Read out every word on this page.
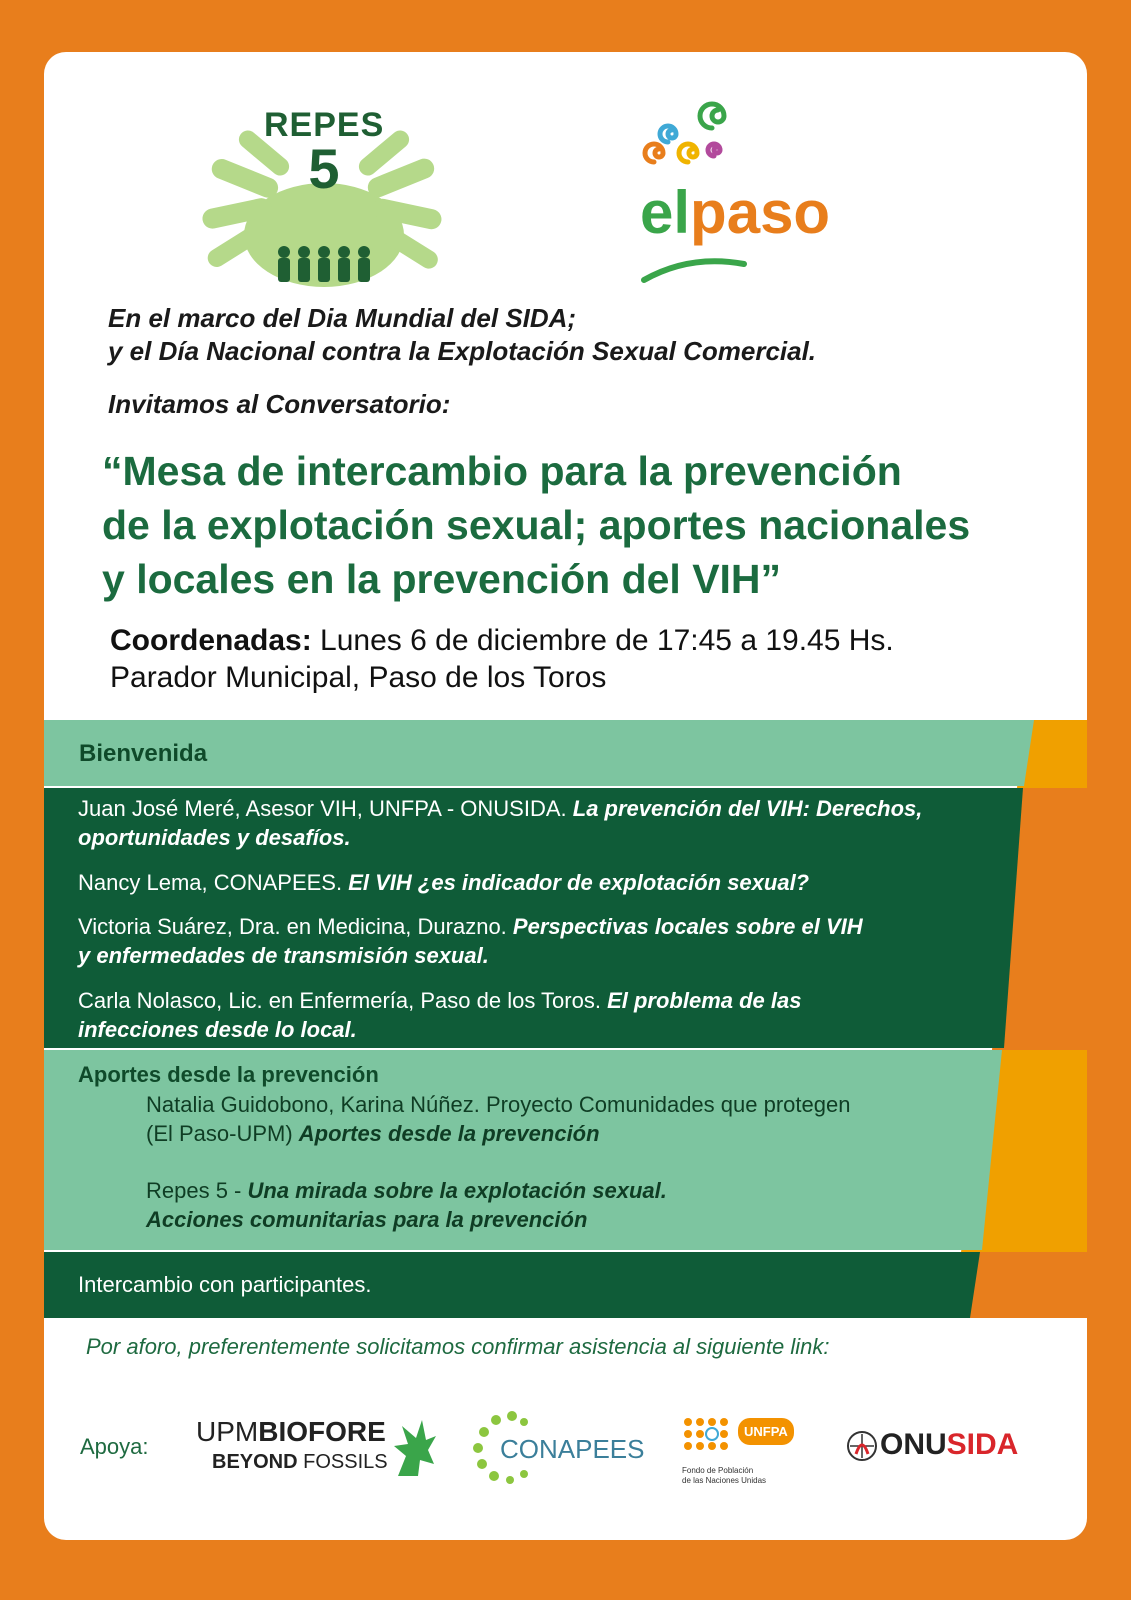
REPES
5
elpaso
En el marco del Dia Mundial del SIDA;
y el Día Nacional contra la Explotación Sexual Comercial.
Invitamos al Conversatorio:
“Mesa de intercambio para la prevención
de la explotación sexual; aportes nacionales
y locales en la prevención del VIH”
Coordenadas: Lunes 6 de diciembre de 17:45 a 19.45 Hs.
Parador Municipal, Paso de los Toros
Bienvenida
Juan José Meré, Asesor VIH, UNFPA - ONUSIDA. La prevención del VIH: Derechos,
oportunidades y desafíos.
Nancy Lema, CONAPEES. El VIH ¿es indicador de explotación sexual?
Victoria Suárez, Dra. en Medicina, Durazno. Perspectivas locales sobre el VIH
y enfermedades de transmisión sexual.
Carla Nolasco, Lic. en Enfermería, Paso de los Toros. El problema de las
infecciones desde lo local.
Aportes desde la prevención
Natalia Guidobono, Karina Núñez. Proyecto Comunidades que protegen
(El Paso-UPM) Aportes desde la prevención
Repes 5 - Una mirada sobre la explotación sexual.
Acciones comunitarias para la prevención
Intercambio con participantes.
Por aforo, preferentemente solicitamos confirmar asistencia al siguiente link:
Apoya: UPMBIOFORE
BEYOND FOSSILS	CONAPEES
UNFPA
Fondo de Población
de las Naciones Unidas
ONUSIDA
